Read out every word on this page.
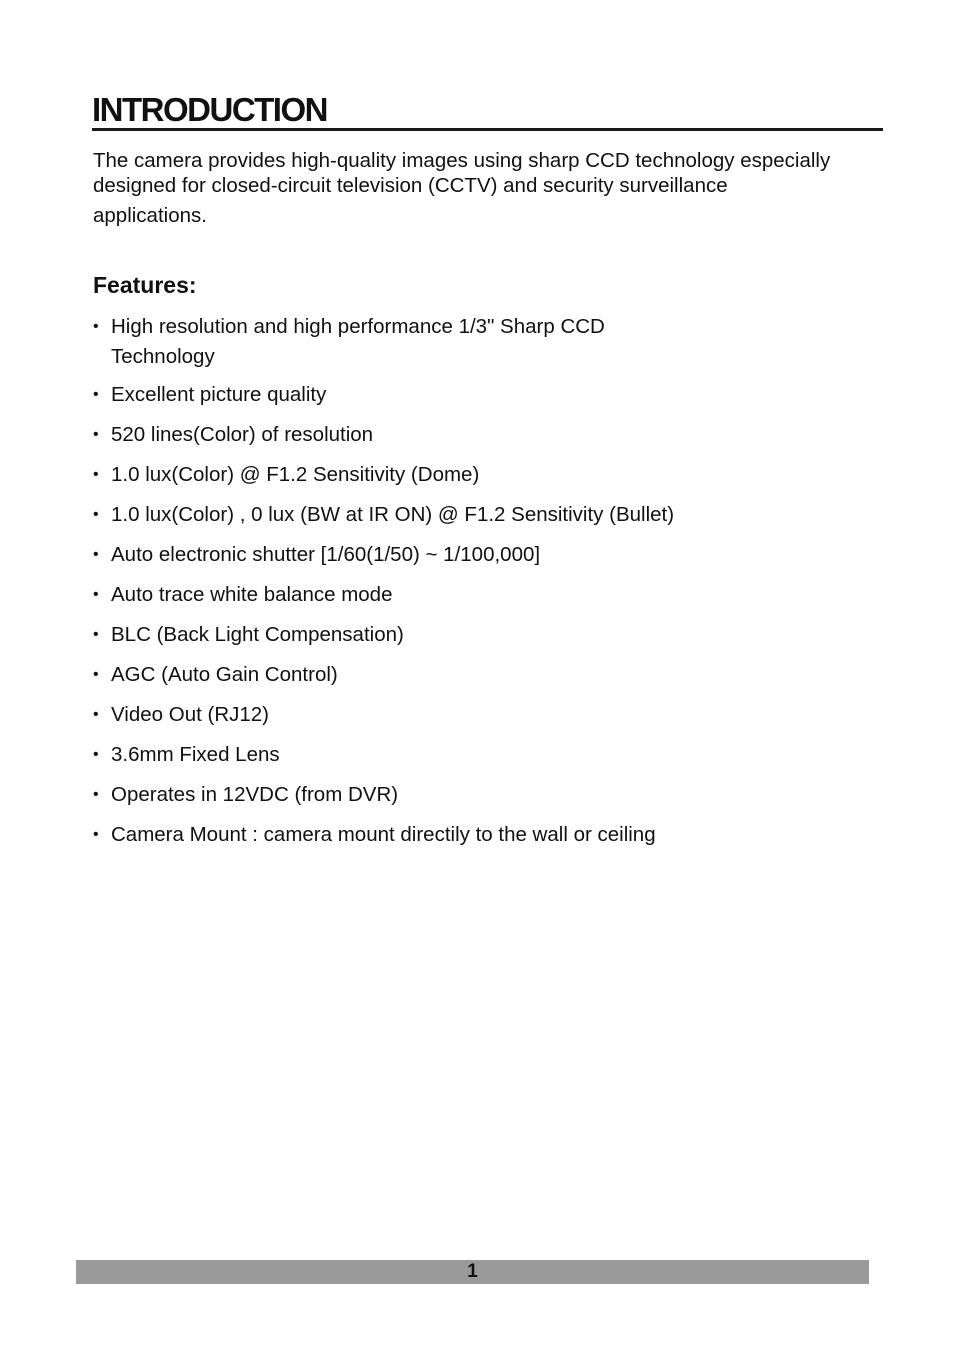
INTRODUCTION

The camera provides high-quality images using sharp CCD technology especially
designed for closed-circuit television (CCTV) and security surveillance
applications.

Features:
• High resolution and high performance 1/3" Sharp CCD
Technology
• Excellent picture quality
• 520 lines(Color) of resolution
• 1.0 lux(Color) @ F1.2 Sensitivity (Dome)
• 1.0 lux(Color) , 0 lux (BW at IR ON) @ F1.2 Sensitivity (Bullet)
• Auto electronic shutter [1/60(1/50) ~ 1/100,000]
• Auto trace white balance mode
• BLC (Back Light Compensation)
• AGC (Auto Gain Control)
• Video Out (RJ12)
• 3.6mm Fixed Lens
• Operates in 12VDC (from DVR)
• Camera Mount : camera mount directily to the wall or ceiling
1
